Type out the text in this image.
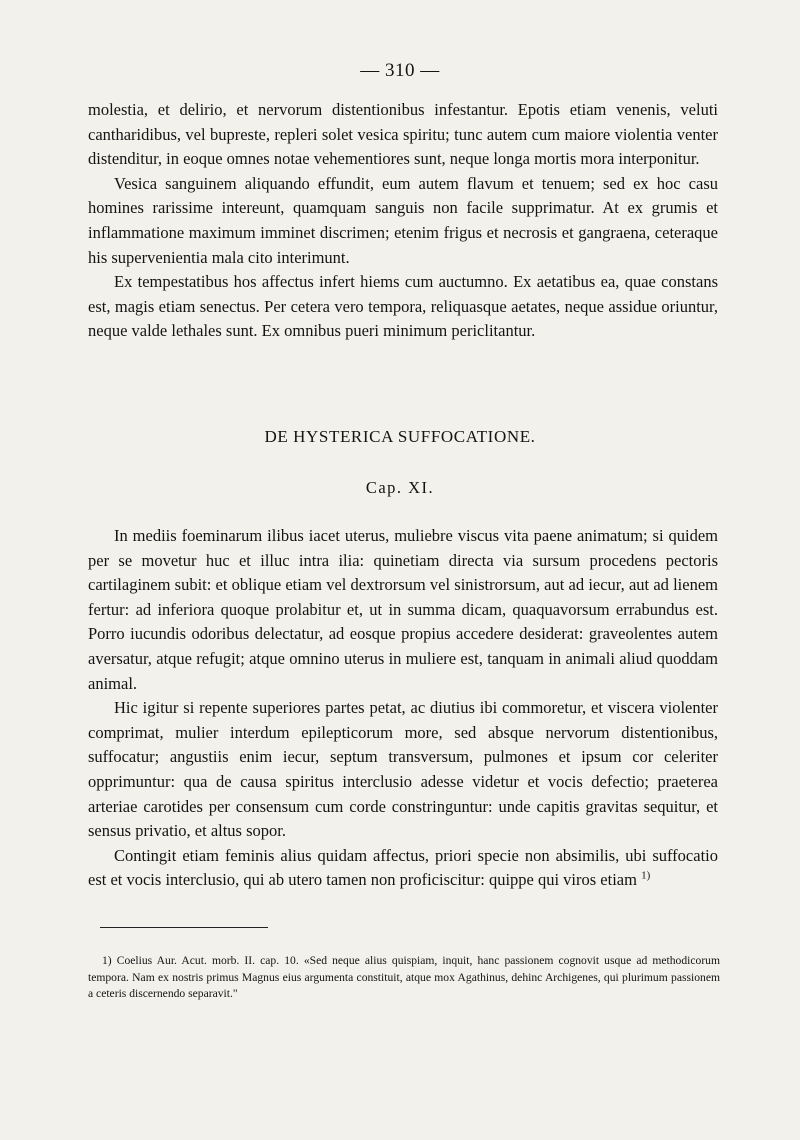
— 310 —

molestia, et delirio, et nervorum distentionibus infestantur. Epotis etiam venenis, veluti cantharidibus, vel bupreste, repleri solet vesica spiritu; tunc autem cum maiore violentia venter distenditur, in eoque omnes notae vehementiores sunt, neque longa mortis mora interponitur.

Vesica sanguinem aliquando effundit, eum autem flavum et tenuem; sed ex hoc casu homines rarissime intereunt, quamquam sanguis non facile supprimatur. At ex grumis et inflammatione maximum imminet discrimen; etenim frigus et necrosis et gangraena, ceteraque his supervenientia mala cito interimunt.

Ex tempestatibus hos affectus infert hiems cum auctumno. Ex aetatibus ea, quae constans est, magis etiam senectus. Per cetera vero tempora, reliquasque aetates, neque assidue oriuntur, neque valde lethales sunt. Ex omnibus pueri minimum periclitantur.

DE HYSTERICA SUFFOCATIONE.
Cap. XI.

In mediis foeminarum ilibus iacet uterus, muliebre viscus vita paene animatum; si quidem per se movetur huc et illuc intra ilia: quinetiam directa via sursum procedens pectoris cartilaginem subit: et oblique etiam vel dextrorsum vel sinistrorsum, aut ad iecur, aut ad lienem fertur: ad inferiora quoque prolabitur et, ut in summa dicam, quaquavorsum errabundus est. Porro iucundis odoribus delectatur, ad eosque propius accedere desiderat: graveolentes autem aversatur, atque refugit; atque omnino uterus in muliere est, tanquam in animali aliud quoddam animal.

Hic igitur si repente superiores partes petat, ac diutius ibi commoretur, et viscera violenter comprimat, mulier interdum epilepticorum more, sed absque nervorum distentionibus, suffocatur; angustiis enim iecur, septum transversum, pulmones et ipsum cor celeriter opprimuntur: qua de causa spiritus interclusio adesse videtur et vocis defectio; praeterea arteriae carotides per consensum cum corde constringuntur: unde capitis gravitas sequitur, et sensus privatio, et altus sopor.

Contingit etiam feminis alius quidam affectus, priori specie non absimilis, ubi suffocatio est et vocis interclusio, qui ab utero tamen non proficiscitur: quippe qui viros etiam $^{1)}$

1) Coelius Aur. Acut. morb. II. cap. 10. «Sed neque alius quispiam, inquit, hanc passionem cognovit usque ad methodicorum tempora. Nam ex nostris primus Magnus eius argumenta constituit, atque mox Agathinus, dehinc Archigenes, qui plurimum passionem a ceteris discernendo separavit."
